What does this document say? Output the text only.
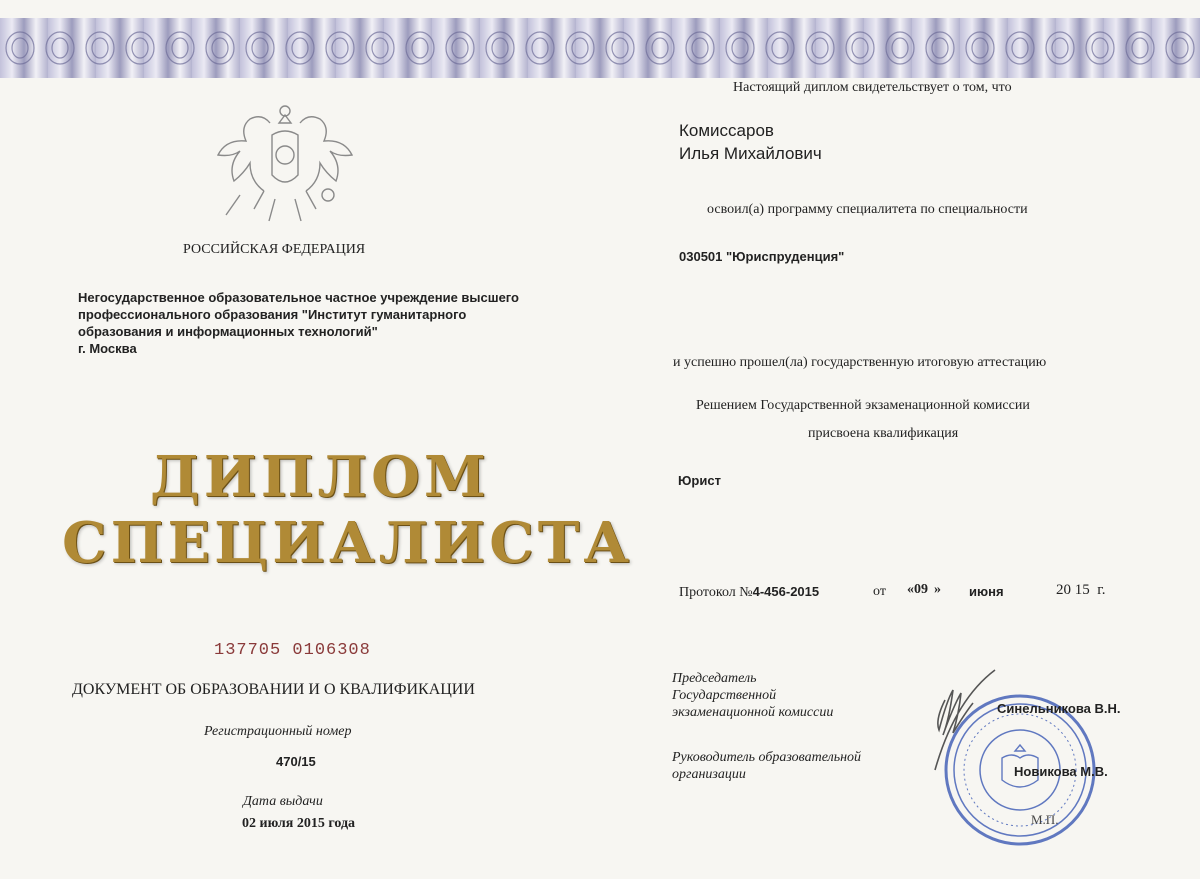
РОССИЙСКАЯ ФЕДЕРАЦИЯ
Негосударственное образовательное частное учреждение высшего
профессионального образования "Институт гуманитарного
образования и информационных технологий"
г. Москва
ДИПЛОМ
СПЕЦИАЛИСТА
137705 0106308
ДОКУМЕНТ ОБ ОБРАЗОВАНИИ И О КВАЛИФИКАЦИИ
Регистрационный номер
470/15
Дата выдачи
02 июля 2015 года
Настоящий диплом свидетельствует о том, что
Комиссаров
Илья Михайлович
освоил(а) программу специалитета по специальности
030501 "Юриспруденция"
и успешно прошел(ла) государственную итоговую аттестацию
Решением Государственной экзаменационной комиссии
присвоена квалификация
Юрист
Протокол №4-456-2015	от «09 » июня	20 15 г.
Председатель
Государственной
экзаменационной комиссии
Руководитель образовательной
организации
Синельникова В.Н.
Новикова М.В.
М.П.
